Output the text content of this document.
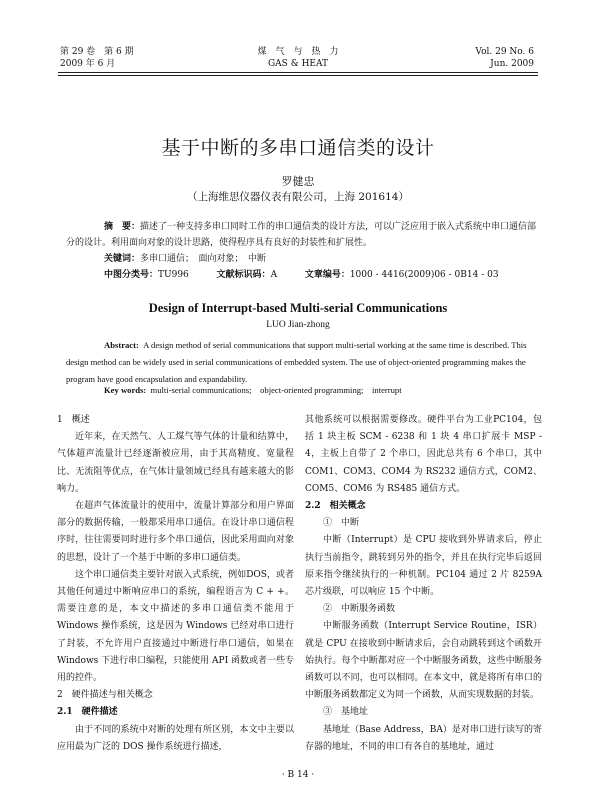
第 29 卷　第 6 期
2009 年 6 月
煤　气　与　热　力
GAS & HEAT
Vol. 29 No. 6
Jun. 2009
基于中断的多串口通信类的设计
罗健忠
（上海维思仪器仪表有限公司，上海 201614）
摘　要：描述了一种支持多串口同时工作的串口通信类的设计方法，可以广泛应用于嵌入式系统中串口通信部分的设计。利用面向对象的设计思路，使得程序具有良好的封装性和扩展性。
关键词：多串口通信；　面向对象；　中断
中图分类号：TU996	文献标识码：A	文章编号：1000 - 4416(2009)06 - 0B14 - 03
Design of Interrupt-based Multi-serial Communications
LUO Jian-zhong
Abstract: A design method of serial communications that support multi-serial working at the same time is described. This design method can be widely used in serial communications of embedded system. The use of object-oriented programming makes the program have good encapsulation and expandability.
Key words: multi-serial communications;　object-oriented programming;　interrupt

1　概述

近年来，在天然气、人工煤气等气体的计量和结算中，气体超声流量计已经逐渐被应用，由于其高精度、宽量程比、无流阻等优点，在气体计量领域已经具有越来越大的影响力。

在超声气体流量计的使用中，流量计算部分和用户界面部分的数据传输，一般都采用串口通信。在设计串口通信程序时，往往需要同时进行多个串口通信，因此采用面向对象的思想，设计了一个基于中断的多串口通信类。

这个串口通信类主要针对嵌入式系统，例如DOS，或者其他任何通过中断响应串口的系统，编程语言为 C + +。需要注意的是，本文中描述的多串口通信类不能用于 Windows 操作系统，这是因为 Windows 已经对串口进行了封装，不允许用户直接通过中断进行串口通信，如果在 Windows 下进行串口编程，只能使用 API 函数或者一些专用的控件。

2　硬件描述与相关概念

2.1　硬件描述

由于不同的系统中对断的处理有所区别，本文中主要以应用最为广泛的 DOS 操作系统进行描述，

其他系统可以根据需要修改。硬件平台为工业PC104，包括 1 块主板 SCM - 6238 和 1 块 4 串口扩展卡 MSP - 4，主板上自带了 2 个串口，因此总共有 6 个串口，其中 COM1、COM3、COM4 为 RS232 通信方式，COM2、COM5、COM6 为 RS485 通信方式。

2.2　相关概念

①　中断

中断（Interrupt）是 CPU 接收到外界请求后，停止执行当前指令，跳转到另外的指令，并且在执行完毕后返回原来指令继续执行的一种机制。PC104 通过 2 片 8259A 芯片级联，可以响应 15 个中断。

②　中断服务函数

中断服务函数（Interrupt Service Routine，ISR）就是 CPU 在接收到中断请求后，会自动跳转到这个函数开始执行。每个中断都对应一个中断服务函数，这些中断服务函数可以不同，也可以相同。在本文中，就是将所有串口的中断服务函数都定义为同一个函数，从而实现数据的封装。

③　基地址

基地址（Base Address，BA）是对串口进行读写的寄存器的地址，不同的串口有各自的基地址，通过

· B 14 ·
